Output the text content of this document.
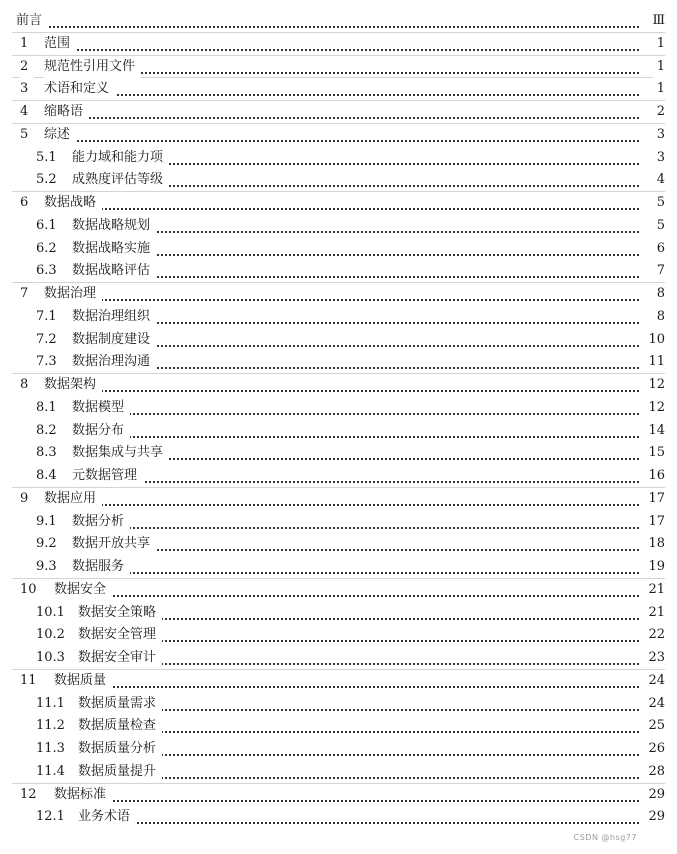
前言	Ⅲ
1	范围	1
2	规范性引用文件	1
3	术语和定义	1
4	缩略语	2
5	综述	3
5.1	能力域和能力项	3
5.2	成熟度评估等级	4
6	数据战略	5
6.1	数据战略规划	5
6.2	数据战略实施	6
6.3	数据战略评估	7
7	数据治理	8
7.1	数据治理组织	8
7.2	数据制度建设	10
7.3	数据治理沟通	11
8	数据架构	12
8.1	数据模型	12
8.2	数据分布	14
8.3	数据集成与共享	15
8.4	元数据管理	16
9	数据应用	17
9.1	数据分析	17
9.2	数据开放共享	18
9.3	数据服务	19
10	数据安全	21
10.1	数据安全策略	21
10.2	数据安全管理	22
10.3	数据安全审计	23
11	数据质量	24
11.1	数据质量需求	24
11.2	数据质量检查	25
11.3	数据质量分析	26
11.4	数据质量提升	28
12	数据标准	29
12.1	业务术语	29
CSDN @hsg77
